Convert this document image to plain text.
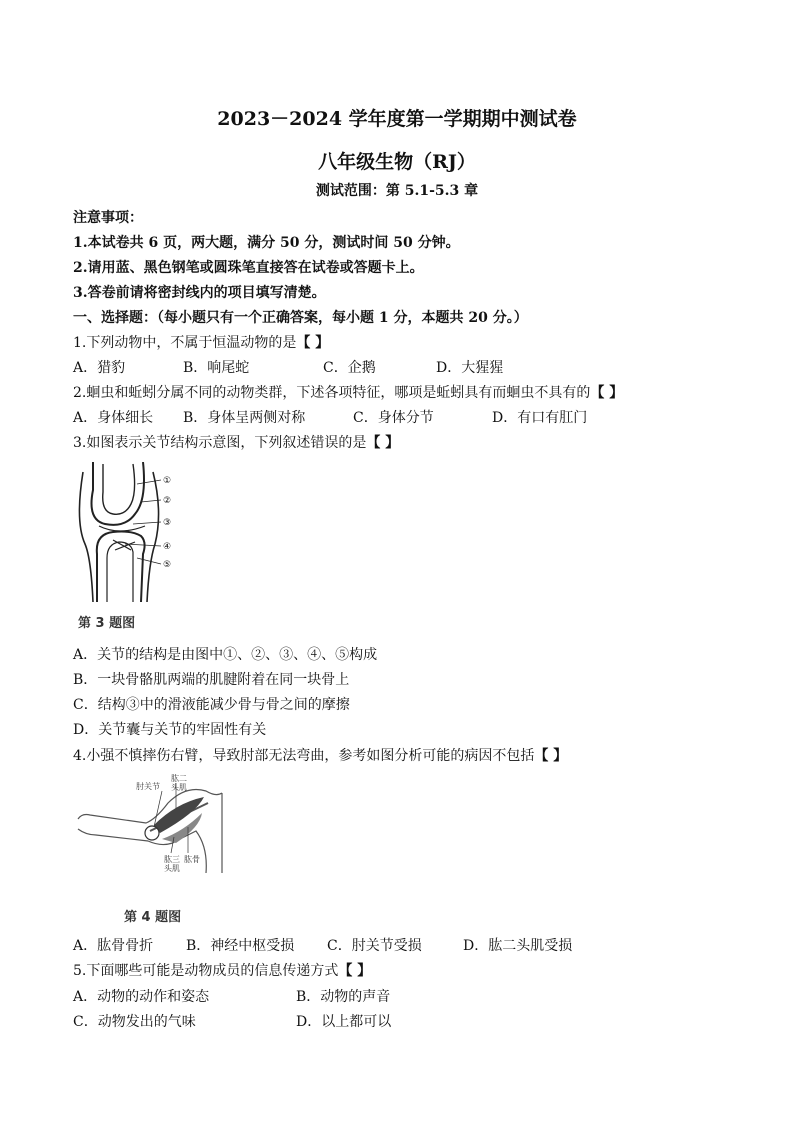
2023－2024 学年度第一学期期中测试卷
八年级生物（RJ）
测试范围：第 5.1-5.3 章
注意事项：
1.本试卷共 6 页，两大题，满分 50 分，测试时间 50 分钟。
2.请用蓝、黑色钢笔或圆珠笔直接答在试卷或答题卡上。
3.答卷前请将密封线内的项目填写清楚。
一、选择题：（每小题只有一个正确答案，每小题 1 分，本题共 20 分。）
1.下列动物中，不属于恒温动物的是【 】
A．猎豹	B．响尾蛇	C．企鹅	D．大猩猩
2.蛔虫和蚯蚓分属不同的动物类群，下述各项特征，哪项是蚯蚓具有而蛔虫不具有的【 】
A．身体细长 B．身体呈两侧对称	C．身体分节	D．有口有肛门
3.如图表示关节结构示意图，下列叙述错误的是【 】
①
②
③
④
⑤
第 3 题图
A．关节的结构是由图中①、②、③、④、⑤构成
B．一块骨骼肌两端的肌腱附着在同一块骨上
C．结构③中的滑液能减少骨与骨之间的摩擦
D．关节囊与关节的牢固性有关
4.小强不慎摔伤右臂，导致肘部无法弯曲，参考如图分析可能的病因不包括【 】
肱二
头肌
肘关节
肱三
头肌
肱骨
第 4 题图
A．肱骨骨折 B．神经中枢受损 C．肘关节受损	D．肱二头肌受损
5.下面哪些可能是动物成员的信息传递方式【 】
A．动物的动作和姿态	B．动物的声音
C．动物发出的气味	D．以上都可以
